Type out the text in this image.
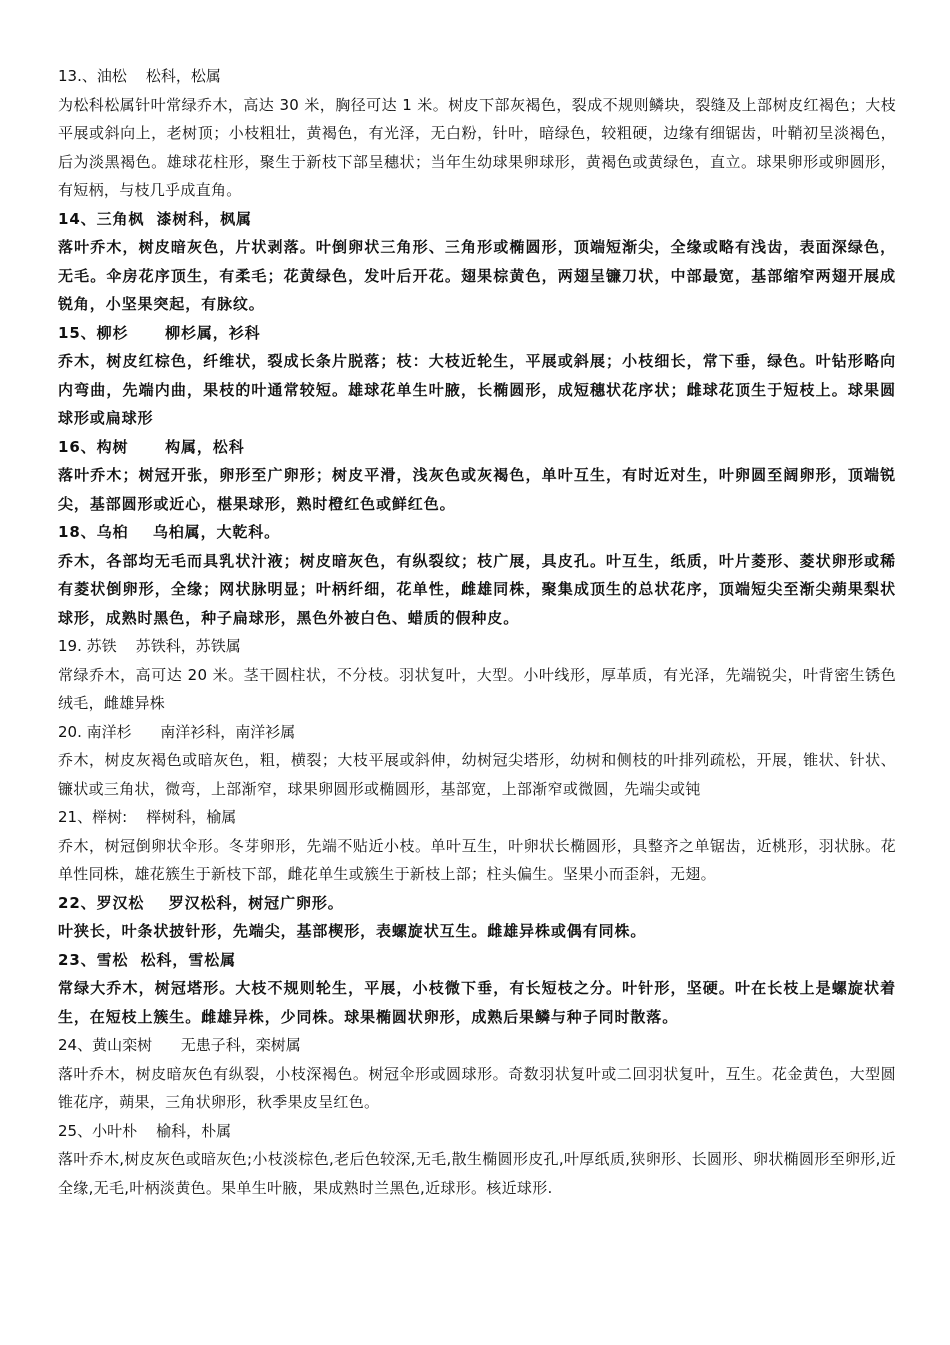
13.、油松    松科，松属

为松科松属针叶常绿乔木，高达 30 米，胸径可达 1 米。树皮下部灰褐色，裂成不规则鳞块，裂缝及上部树皮红褐色；大枝平展或斜向上，老树顶；小枝粗壮，黄褐色，有光泽，无白粉，针叶，暗绿色，较粗硬，边缘有细锯齿，叶鞘初呈淡褐色，后为淡黑褐色。雄球花柱形，聚生于新枝下部呈穗状；当年生幼球果卵球形，黄褐色或黄绿色，直立。球果卵形或卵圆形，有短柄，与枝几乎成直角。

14、三角枫  漆树科，枫属

落叶乔木，树皮暗灰色，片状剥落。叶倒卵状三角形、三角形或椭圆形，顶端短渐尖，全缘或略有浅齿，表面深绿色，无毛。伞房花序顶生，有柔毛；花黄绿色，发叶后开花。翅果棕黄色，两翅呈镰刀状，中部最宽，基部缩窄两翅开展成锐角，小坚果突起，有脉纹。

15、柳杉      柳杉属，衫科

乔木，树皮红棕色，纤维状，裂成长条片脱落；枝：大枝近轮生，平展或斜展；小枝细长，常下垂，绿色。叶钻形略向内弯曲，先端内曲，果枝的叶通常较短。雄球花单生叶腋，长椭圆形，成短穗状花序状；雌球花顶生于短枝上。球果圆球形或扁球形

16、构树      构属，松科

落叶乔木；树冠开张，卵形至广卵形；树皮平滑，浅灰色或灰褐色，单叶互生，有时近对生，叶卵圆至阔卵形，顶端锐尖，基部圆形或近心，椹果球形，熟时橙红色或鲜红色。

18、乌桕    乌桕属，大乾科。

乔木，各部均无毛而具乳状汁液；树皮暗灰色，有纵裂纹；枝广展，具皮孔。叶互生，纸质，叶片菱形、菱状卵形或稀有菱状倒卵形，全缘；网状脉明显；叶柄纤细，花单性，雌雄同株，聚集成顶生的总状花序，顶端短尖至渐尖蒴果梨状球形，成熟时黑色，种子扁球形，黑色外被白色、蜡质的假种皮。

19. 苏铁    苏铁科，苏铁属

常绿乔木，高可达 20 米。茎干圆柱状，不分枝。羽状复叶，大型。小叶线形，厚革质，有光泽，先端锐尖，叶背密生锈色绒毛，雌雄异株

20. 南洋杉      南洋衫科，南洋衫属

乔木，树皮灰褐色或暗灰色，粗，横裂；大枝平展或斜伸，幼树冠尖塔形，幼树和侧枝的叶排列疏松，开展，锥状、针状、镰状或三角状，微弯，上部渐窄，球果卵圆形或椭圆形，基部宽，上部渐窄或微圆，先端尖或钝

21、榉树:    榉树科，榆属

乔木，树冠倒卵状伞形。冬芽卵形，先端不贴近小枝。单叶互生，叶卵状长椭圆形，具整齐之单锯齿，近桃形，羽状脉。花单性同株，雄花簇生于新枝下部，雌花单生或簇生于新枝上部；柱头偏生。坚果小而歪斜，无翅。

22、罗汉松    罗汉松科，树冠广卵形。

叶狭长，叶条状披针形，先端尖，基部楔形，表螺旋状互生。雌雄异株或偶有同株。

23、雪松  松科，雪松属

常绿大乔木，树冠塔形。大枝不规则轮生，平展，小枝微下垂，有长短枝之分。叶针形，坚硬。叶在长枝上是螺旋状着生，在短枝上簇生。雌雄异株，少同株。球果椭圆状卵形，成熟后果鳞与种子同时散落。

24、黄山栾树      无患子科，栾树属

落叶乔木，树皮暗灰色有纵裂，小枝深褐色。树冠伞形或圆球形。奇数羽状复叶或二回羽状复叶，互生。花金黄色，大型圆锥花序，蒴果，三角状卵形，秋季果皮呈红色。

25、小叶朴    榆科，朴属

落叶乔木,树皮灰色或暗灰色;小枝淡棕色,老后色较深,无毛,散生椭圆形皮孔,叶厚纸质,狭卵形、长圆形、卵状椭圆形至卵形,近全缘,无毛,叶柄淡黄色。果单生叶腋，果成熟时兰黑色,近球形。核近球形.
